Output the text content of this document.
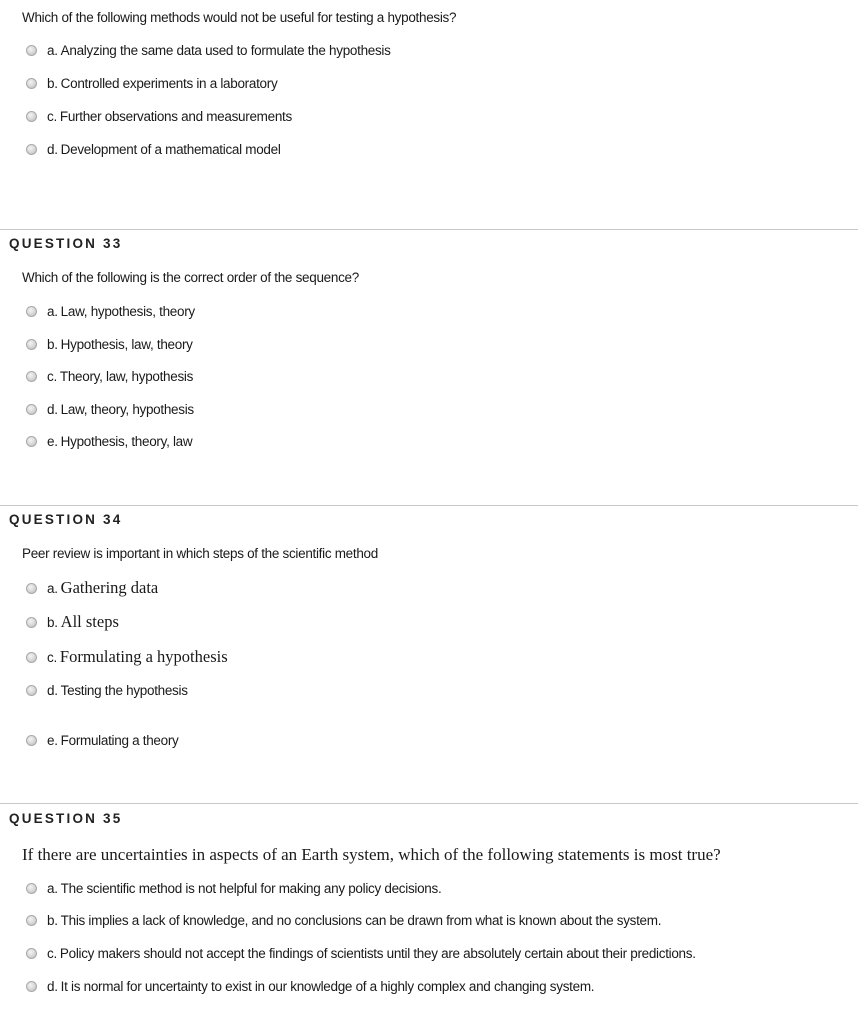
Which of the following methods would not be useful for testing a hypothesis?
a. Analyzing the same data used to formulate the hypothesis
b. Controlled experiments in a laboratory
c. Further observations and measurements
d. Development of a mathematical model
QUESTION 33
Which of the following is the correct order of the sequence?
a. Law, hypothesis, theory
b. Hypothesis, law, theory
c. Theory, law, hypothesis
d. Law, theory, hypothesis
e. Hypothesis, theory, law
QUESTION 34
Peer review is important in which steps of the scientific method
a. Gathering data
b. All steps
c. Formulating a hypothesis
d. Testing the hypothesis
e. Formulating a theory
QUESTION 35
If there are uncertainties in aspects of an Earth system, which of the following statements is most true?
a. The scientific method is not helpful for making any policy decisions.
b. This implies a lack of knowledge, and no conclusions can be drawn from what is known about the system.
c. Policy makers should not accept the findings of scientists until they are absolutely certain about their predictions.
d. It is normal for uncertainty to exist in our knowledge of a highly complex and changing system.
